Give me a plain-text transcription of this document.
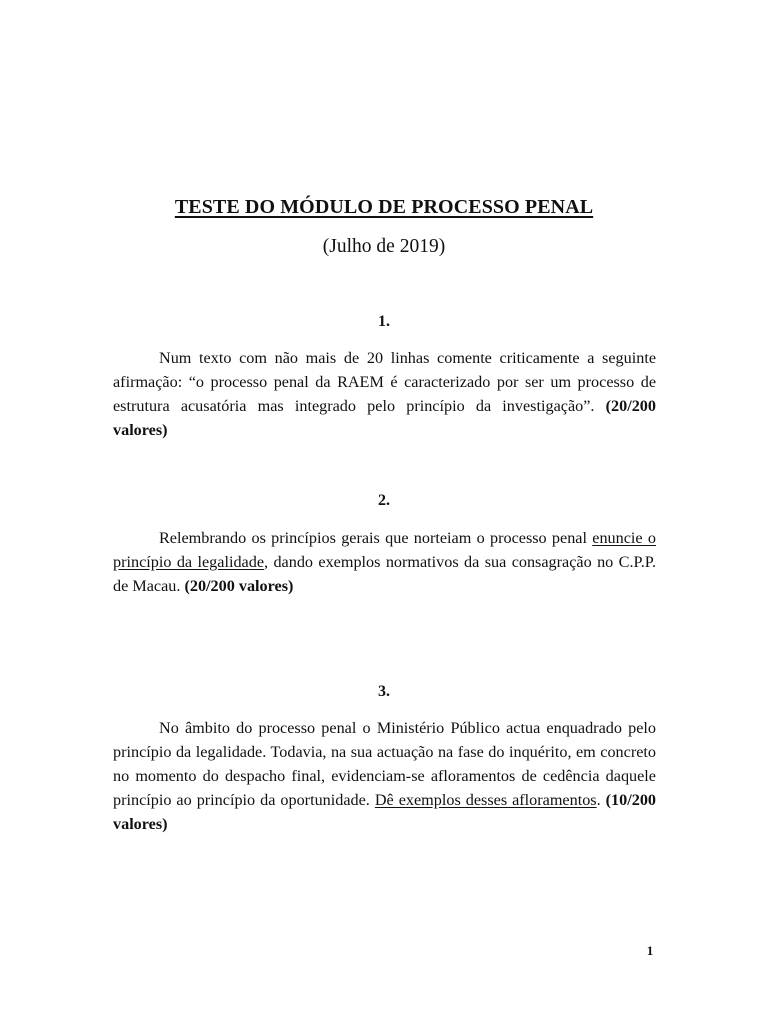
TESTE DO MÓDULO DE PROCESSO PENAL
(Julho de 2019)
1.
Num texto com não mais de 20 linhas comente criticamente a seguinte afirmação: “o processo penal da RAEM é caracterizado por ser um processo de estrutura acusatória mas integrado pelo princípio da investigação”. (20/200 valores)
2.
Relembrando os princípios gerais que norteiam o processo penal enuncie o princípio da legalidade, dando exemplos normativos da sua consagração no C.P.P. de Macau. (20/200 valores)
3.
No âmbito do processo penal o Ministério Público actua enquadrado pelo princípio da legalidade. Todavia, na sua actuação na fase do inquérito, em concreto no momento do despacho final, evidenciam-se afloramentos de cedência daquele princípio ao princípio da oportunidade. Dê exemplos desses afloramentos. (10/200 valores)
1
